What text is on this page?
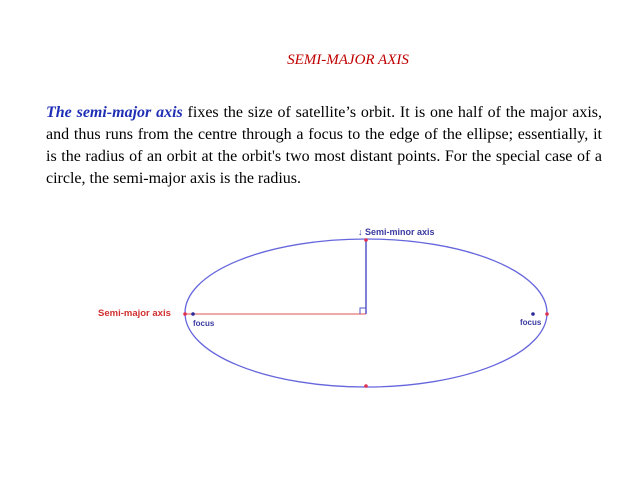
SEMI-MAJOR AXIS
The semi-major axis fixes the size of satellite’s orbit. It is one half of the major axis, and thus runs from the centre through a focus to the edge of the ellipse; essentially, it is the radius of an orbit at the orbit's two most distant points. For the special case of a circle, the semi-major axis is the radius.
↓ Semi-minor axis
Semi-major axis
focus	focus
